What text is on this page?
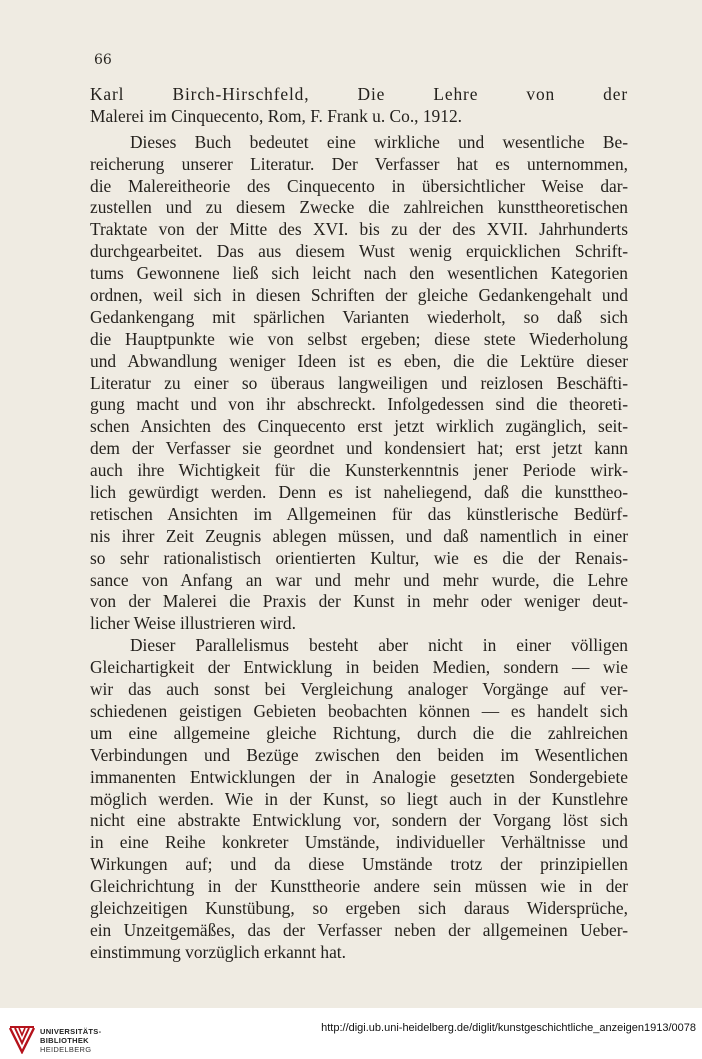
66
Karl Birch-Hirschfeld, Die Lehre von der
Malerei im Cinquecento, Rom, F. Frank u. Co., 1912.
Dieses Buch bedeutet eine wirkliche und wesentliche Be-
reicherung unserer Literatur. Der Verfasser hat es unternommen,
die Malereitheorie des Cinquecento in übersichtlicher Weise dar-
zustellen und zu diesem Zwecke die zahlreichen kunsttheoretischen
Traktate von der Mitte des XVI. bis zu der des XVII. Jahrhunderts
durchgearbeitet. Das aus diesem Wust wenig erquicklichen Schrift-
tums Gewonnene ließ sich leicht nach den wesentlichen Kategorien
ordnen, weil sich in diesen Schriften der gleiche Gedankengehalt und
Gedankengang mit spärlichen Varianten wiederholt, so daß sich
die Hauptpunkte wie von selbst ergeben; diese stete Wiederholung
und Abwandlung weniger Ideen ist es eben, die die Lektüre dieser
Literatur zu einer so überaus langweiligen und reizlosen Beschäfti-
gung macht und von ihr abschreckt. Infolgedessen sind die theoreti-
schen Ansichten des Cinquecento erst jetzt wirklich zugänglich, seit-
dem der Verfasser sie geordnet und kondensiert hat; erst jetzt kann
auch ihre Wichtigkeit für die Kunsterkenntnis jener Periode wirk-
lich gewürdigt werden. Denn es ist naheliegend, daß die kunsttheo-
retischen Ansichten im Allgemeinen für das künstlerische Bedürf-
nis ihrer Zeit Zeugnis ablegen müssen, und daß namentlich in einer
so sehr rationalistisch orientierten Kultur, wie es die der Renais-
sance von Anfang an war und mehr und mehr wurde, die Lehre
von der Malerei die Praxis der Kunst in mehr oder weniger deut-
licher Weise illustrieren wird.
Dieser Parallelismus besteht aber nicht in einer völligen
Gleichartigkeit der Entwicklung in beiden Medien, sondern — wie
wir das auch sonst bei Vergleichung analoger Vorgänge auf ver-
schiedenen geistigen Gebieten beobachten können — es handelt sich
um eine allgemeine gleiche Richtung, durch die die zahlreichen
Verbindungen und Bezüge zwischen den beiden im Wesentlichen
immanenten Entwicklungen der in Analogie gesetzten Sondergebiete
möglich werden. Wie in der Kunst, so liegt auch in der Kunstlehre
nicht eine abstrakte Entwicklung vor, sondern der Vorgang löst sich
in eine Reihe konkreter Umstände, individueller Verhältnisse und
Wirkungen auf; und da diese Umstände trotz der prinzipiellen
Gleichrichtung in der Kunsttheorie andere sein müssen wie in der
gleichzeitigen Kunstübung, so ergeben sich daraus Widersprüche,
ein Unzeitgemäßes, das der Verfasser neben der allgemeinen Ueber-
einstimmung vorzüglich erkannt hat.
UNIVERSITÄTS-
BIBLIOTHEK
HEIDELBERG
http://digi.ub.uni-heidelberg.de/diglit/kunstgeschichtliche_anzeigen1913/0078
